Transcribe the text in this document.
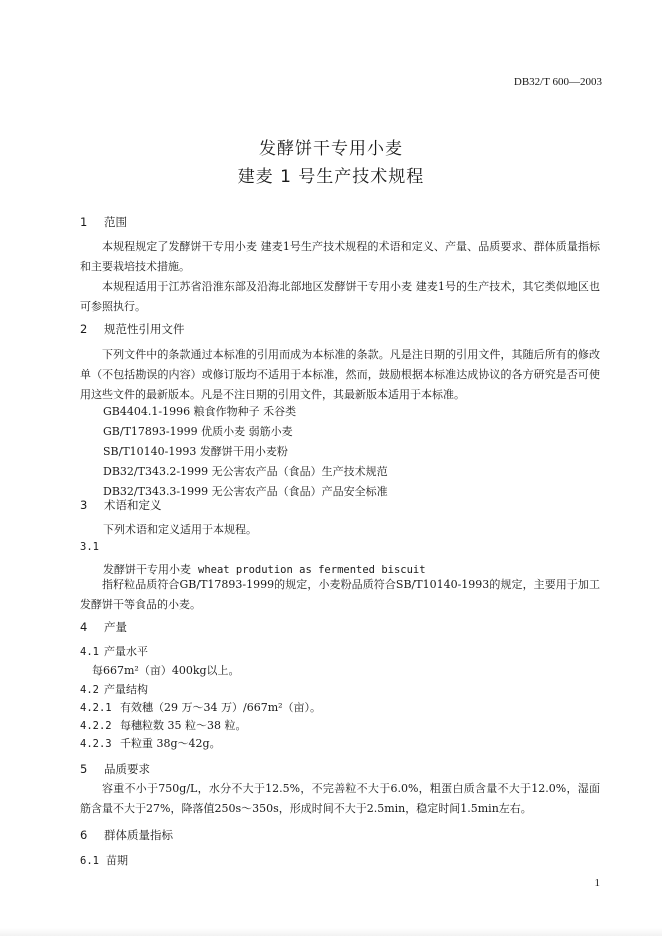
DB32/T 600—2003
发酵饼干专用小麦
建麦 1 号生产技术规程
1 范围
本规程规定了发酵饼干专用小麦 建麦1号生产技术规程的术语和定义、产量、品质要求、群体质量指标和主要栽培技术措施。
本规程适用于江苏省沿淮东部及沿海北部地区发酵饼干专用小麦 建麦1号的生产技术，其它类似地区也可参照执行。
2 规范性引用文件
下列文件中的条款通过本标准的引用而成为本标准的条款。凡是注日期的引用文件，其随后所有的修改单（不包括勘误的内容）或修订版均不适用于本标准，然而，鼓励根据本标准达成协议的各方研究是否可使用这些文件的最新版本。凡是不注日期的引用文件，其最新版本适用于本标准。
GB4404.1-1996 粮食作物种子 禾谷类
GB/T17893-1999 优质小麦 弱筋小麦
SB/T10140-1993 发酵饼干用小麦粉
DB32/T343.2-1999 无公害农产品（食品）生产技术规范
DB32/T343.3-1999 无公害农产品（食品）产品安全标准
3 术语和定义
下列术语和定义适用于本规程。
3.1
发酵饼干专用小麦 wheat prodution as fermented biscuit
指籽粒品质符合GB/T17893-1999的规定，小麦粉品质符合SB/T10140-1993的规定，主要用于加工发酵饼干等食品的小麦。
4 产量
4.1 产量水平
每667m²（亩）400kg以上。
4.2 产量结构
4.2.1 有效穗（29 万～34 万）/667m²（亩）。
4.2.2 每穗粒数 35 粒～38 粒。
4.2.3 千粒重 38g～42g。
5 品质要求
容重不小于750g/L，水分不大于12.5%，不完善粒不大于6.0%，粗蛋白质含量不大于12.0%，湿面筋含量不大于27%，降落值250s～350s，形成时间不大于2.5min，稳定时间1.5min左右。
6 群体质量指标
6.1 苗期
1
